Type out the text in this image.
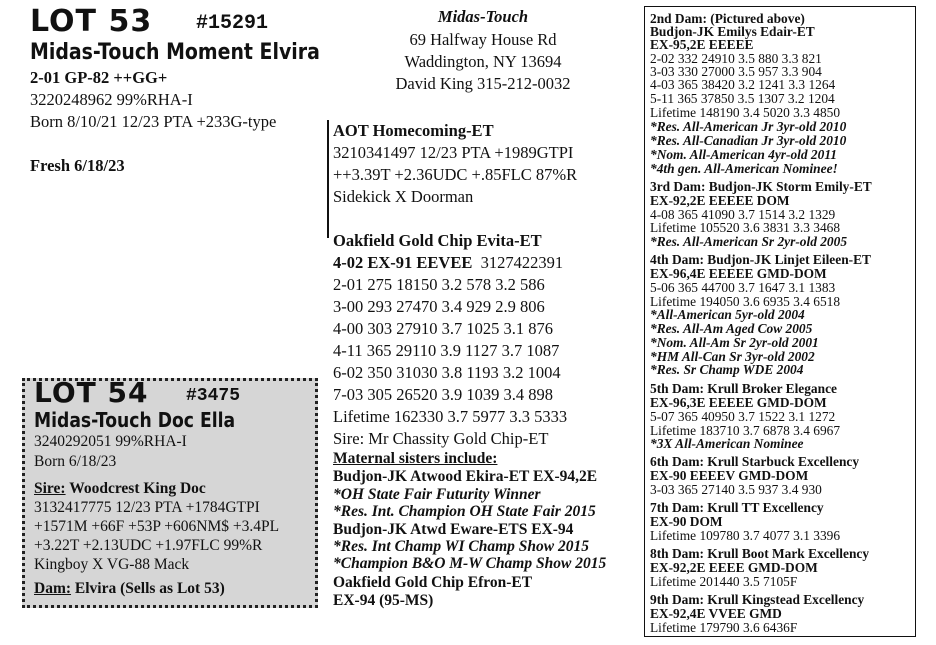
LOT 53 #15291
Midas-Touch Moment Elvira
2-01 GP-82 ++GG+
3220248962 99%RHA-I
Born 8/10/21 12/23 PTA +233G-type
Fresh 6/18/23
Midas-Touch
69 Halfway House Rd
Waddington, NY 13694
David King 315-212-0032
AOT Homecoming-ET
3210341497 12/23 PTA +1989GTPI
++3.39T +2.36UDC +.85FLC 87%R
Sidekick X Doorman
Oakfield Gold Chip Evita-ET
4-02 EX-91 EEVEE 3127422391
2-01 275 18150 3.2 578 3.2 586
3-00 293 27470 3.4 929 2.9 806
4-00 303 27910 3.7 1025 3.1 876
4-11 365 29110 3.9 1127 3.7 1087
6-02 350 31030 3.8 1193 3.2 1004
7-03 305 26520 3.9 1039 3.4 898
Lifetime 162330 3.7 5977 3.3 5333
Sire: Mr Chassity Gold Chip-ET
Maternal sisters include:
Budjon-JK Atwood Ekira-ET EX-94,2E
*OH State Fair Futurity Winner
*Res. Int. Champion OH State Fair 2015
Budjon-JK Atwd Eware-ETS EX-94
*Res. Int Champ WI Champ Show 2015
*Champion B&O M-W Champ Show 2015
Oakfield Gold Chip Efron-ET
EX-94 (95-MS)
LOT 54 #3475
Midas-Touch Doc Ella
3240292051 99%RHA-I
Born 6/18/23
Sire: Woodcrest King Doc
3132417775 12/23 PTA +1784GTPI
+1571M +66F +53P +606NM$ +3.4PL
+3.22T +2.13UDC +1.97FLC 99%R
Kingboy X VG-88 Mack
Dam: Elvira (Sells as Lot 53)
2nd Dam: (Pictured above)
Budjon-JK Emilys Edair-ET
EX-95,2E EEEEE
2-02 332 24910 3.5 880 3.3 821
3-03 330 27000 3.5 957 3.3 904
4-03 365 38420 3.2 1241 3.3 1264
5-11 365 37850 3.5 1307 3.2 1204
Lifetime 148190 3.4 5020 3.3 4850
*Res. All-American Jr 3yr-old 2010
*Res. All-Canadian Jr 3yr-old 2010
*Nom. All-American 4yr-old 2011
*4th gen. All-American Nominee!
3rd Dam: Budjon-JK Storm Emily-ET
EX-92,2E EEEEE DOM
4-08 365 41090 3.7 1514 3.2 1329
Lifetime 105520 3.6 3831 3.3 3468
*Res. All-American Sr 2yr-old 2005
4th Dam: Budjon-JK Linjet Eileen-ET
EX-96,4E EEEEE GMD-DOM
5-06 365 44700 3.7 1647 3.1 1383
Lifetime 194050 3.6 6935 3.4 6518
*All-American 5yr-old 2004
*Res. All-Am Aged Cow 2005
*Nom. All-Am Sr 2yr-old 2001
*HM All-Can Sr 3yr-old 2002
*Res. Sr Champ WDE 2004
5th Dam: Krull Broker Elegance
EX-96,3E EEEEE GMD-DOM
5-07 365 40950 3.7 1522 3.1 1272
Lifetime 183710 3.7 6878 3.4 6967
*3X All-American Nominee
6th Dam: Krull Starbuck Excellency
EX-90 EEEEV GMD-DOM
3-03 365 27140 3.5 937 3.4 930
7th Dam: Krull TT Excellency
EX-90 DOM
Lifetime 109780 3.7 4077 3.1 3396
8th Dam: Krull Boot Mark Excellency
EX-92,2E EEEE GMD-DOM
Lifetime 201440 3.5 7105F
9th Dam: Krull Kingstead Excellency
EX-92,4E VVEE GMD
Lifetime 179790 3.6 6436F
